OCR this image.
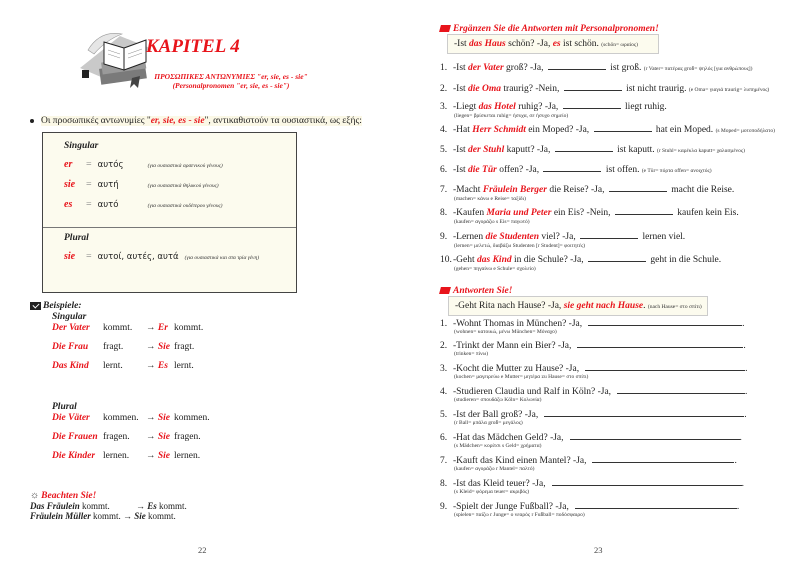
KAPITEL 4
ΠΡΟΣΩΠΙΚΕΣ ΑΝΤΩΝΥΜΙΕΣ "er, sie, es - sie"
(Personalpronomen "er, sie, es - sie")
Οι προσωπικές αντωνυμίες "er, sie, es - sie", αντικαθιστούν τα ουσιαστικά, ως εξής:
Singular
er = αυτός	(για ουσιαστικά αρσενικού γένους)
sie = αυτή	(για ουσιαστικά θηλυκού γένους)
es = αυτό	(για ουσιαστικά ουδέτερου γένους)
Plural
sie = αυτοί, αυτές, αυτά (για ουσιαστικά και στα τρία γένη)
Beispiele:
Singular
Der Vater kommt. → Er kommt.
Die Frau fragt. → Sie fragt.
Das Kind lernt. → Es lernt.
Plural
Die Väter kommen. → Sie kommen.
Die Frauen fragen. → Sie fragen.
Die Kinder lernen. → Sie lernen.
☼ Beachten Sie!
Das Fräulein kommt.	→ Es kommt.
Fräulein Müller kommt. → Sie kommt.
22
Ergänzen Sie die Antworten mit Personalpronomen!
-Ist das Haus schön? -Ja, es ist schön. (schön= ωραίος)
1. -Ist der Vater groß? -Ja,	ist groß. (r Vater= πατέρας groß= ψηλός [για ανθρώπους])
2. -Ist die Oma traurig? -Nein,	ist nicht traurig. (e Oma= γιαγιά traurig= λυπημένος)
3. -Liegt das Hotel ruhig? -Ja,	liegt ruhig.
(liegen= βρίσκεται ruhig= ήσυχα, σε ήσυχο σημείο)
4. -Hat Herr Schmidt ein Moped? -Ja,	hat ein Moped. (s Moped= μοτοποδήλατο)
5. -Ist der Stuhl kaputt? -Ja,	ist kaputt. (r Stuhl= καρέκλα kaputt= χαλασμένος)
6. -Ist die Tür offen? -Ja,	ist offen. (e Tür= πόρτα offen= ανοιχτός)
7. -Macht Fräulein Berger die Reise? -Ja,	macht die Reise.
(machen= κάνω e Reise= ταξίδι)
8. -Kaufen Maria und Peter ein Eis? -Nein,	kaufen kein Eis.
(kaufen= αγοράζω s Eis= παγωτό)
9. -Lernen die Studenten viel? -Ja,	lernen viel.
(lernen= μελετώ, διαβάζω Studenten [r Student]= φοιτητές)
10.-Geht das Kind in die Schule? -Ja,	geht in die Schule.
(gehen= πηγαίνω e Schule= σχολείο)
Antworten Sie!
-Geht Rita nach Hause? -Ja, sie geht nach Hause. (nach Hause= στο σπίτι)
1. -Wohnt Thomas in München? -Ja,	.
(wohnen= κατοικώ, μένω München= Μόναχο)
2. -Trinkt der Mann ein Bier? -Ja,	.
(trinken= πίνω)
3. -Kocht die Mutter zu Hause? -Ja,	.
(kochen= μαγειρεύω e Mutter= μητέρα zu Hause= στο σπίτι)
4. -Studieren Claudia und Ralf in Köln? -Ja,	.
(studieren= σπουδάζω Köln= Κολωνία)
5. -Ist der Ball groß? -Ja,	.
(r Ball= μπάλα groß= μεγάλος)
6. -Hat das Mädchen Geld? -Ja,	.
(s Mädchen= κορίτσι s Geld= χρήματα)
7. -Kauft das Kind einen Mantel? -Ja,	.
(kaufen= αγοράζω r Mantel= παλτό)
8. -Ist das Kleid teuer? -Ja,	.
(s Kleid= φόρεμα teuer= ακριβός)
9. -Spielt der Junge Fußball? -Ja,	.
(spielen= παίζω r Junge= ο νεαρός r Fußball= ποδόσφαιρο)
23
